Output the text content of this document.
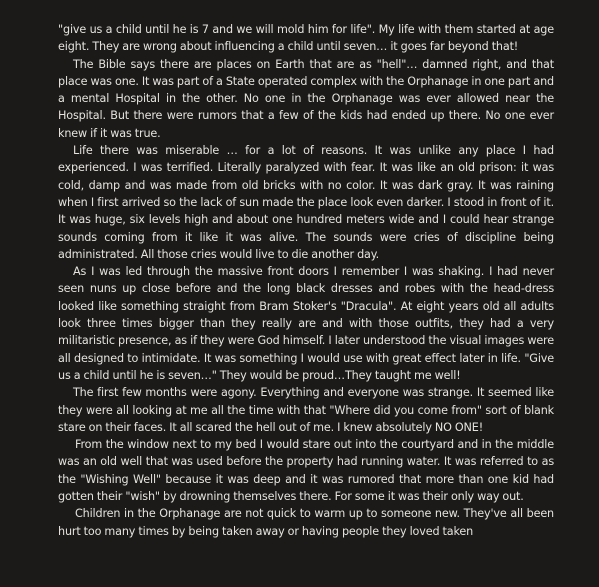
"give us a child until he is 7 and we will mold him for life". My life with them started at age eight. They are wrong about influencing a child until seven… it goes far beyond that!

The Bible says there are places on Earth that are as "hell"… damned right, and that place was one. It was part of a State operated complex with the Orphanage in one part and a mental Hospital in the other. No one in the Orphanage was ever allowed near the Hospital. But there were rumors that a few of the kids had ended up there. No one ever knew if it was true.

Life there was miserable … for a lot of reasons. It was unlike any place I had experienced. I was terrified. Literally paralyzed with fear. It was like an old prison: it was cold, damp and was made from old bricks with no color. It was dark gray. It was raining when I first arrived so the lack of sun made the place look even darker. I stood in front of it. It was huge, six levels high and about one hundred meters wide and I could hear strange sounds coming from it like it was alive. The sounds were cries of discipline being administrated. All those cries would live to die another day.

As I was led through the massive front doors I remember I was shaking. I had never seen nuns up close before and the long black dresses and robes with the head-dress looked like something straight from Bram Stoker's "Dracula". At eight years old all adults look three times bigger than they really are and with those outfits, they had a very militaristic presence, as if they were God himself. I later understood the visual images were all designed to intimidate. It was something I would use with great effect later in life. "Give us a child until he is seven…" They would be proud…They taught me well!

The first few months were agony. Everything and everyone was strange. It seemed like they were all looking at me all the time with that "Where did you come from" sort of blank stare on their faces. It all scared the hell out of me. I knew absolutely NO ONE!

From the window next to my bed I would stare out into the courtyard and in the middle was an old well that was used before the property had running water. It was referred to as the "Wishing Well" because it was deep and it was rumored that more than one kid had gotten their "wish" by drowning themselves there. For some it was their only way out.

Children in the Orphanage are not quick to warm up to someone new. They've all been hurt too many times by being taken away or having people they loved taken
